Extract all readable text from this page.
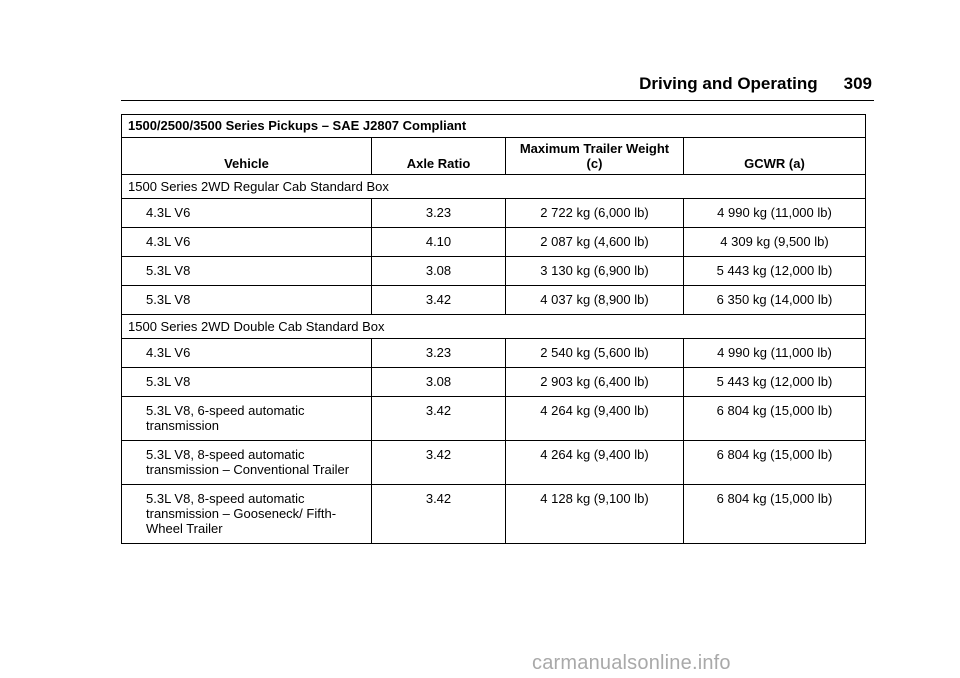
Driving and Operating 309
1500/2500/3500 Series Pickups – SAE J2807 Compliant			
Vehicle	Axle Ratio	Maximum Trailer Weight (c)	GCWR (a)
1500 Series 2WD Regular Cab Standard Box			
4.3L V6	3.23	2 722 kg (6,000 lb)	4 990 kg (11,000 lb)
4.3L V6	4.10	2 087 kg (4,600 lb)	4 309 kg (9,500 lb)
5.3L V8	3.08	3 130 kg (6,900 lb)	5 443 kg (12,000 lb)
5.3L V8	3.42	4 037 kg (8,900 lb)	6 350 kg (14,000 lb)
1500 Series 2WD Double Cab Standard Box			
4.3L V6	3.23	2 540 kg (5,600 lb)	4 990 kg (11,000 lb)
5.3L V8	3.08	2 903 kg (6,400 lb)	5 443 kg (12,000 lb)
5.3L V8, 6-speed automatic transmission	3.42	4 264 kg (9,400 lb)	6 804 kg (15,000 lb)
5.3L V8, 8-speed automatic transmission – Conventional Trailer	3.42	4 264 kg (9,400 lb)	6 804 kg (15,000 lb)
5.3L V8, 8-speed automatic transmission – Gooseneck/ Fifth-Wheel Trailer	3.42	4 128 kg (9,100 lb)	6 804 kg (15,000 lb)
carmanualsonline.info
